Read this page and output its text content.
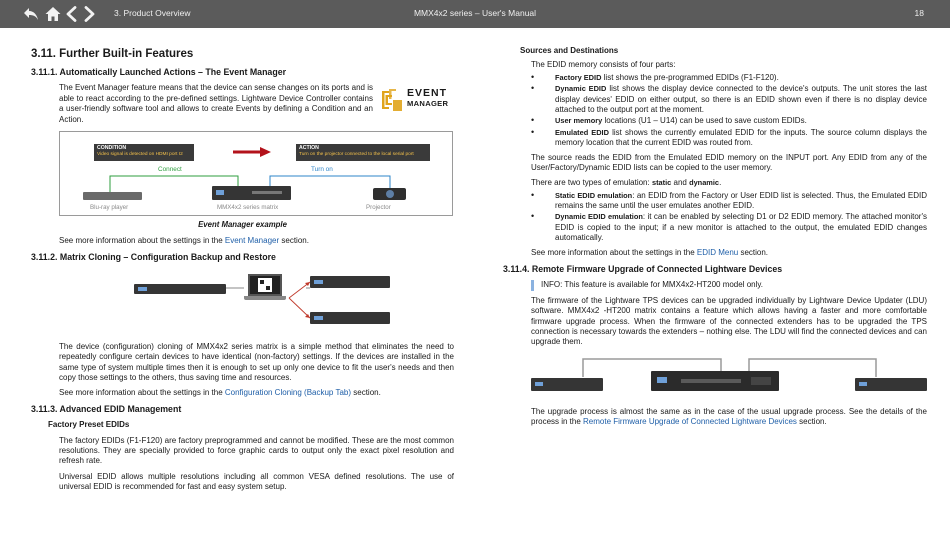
3. Product Overview	MMX4x2 series – User's Manual	18
3.11. Further Built-in Features
3.11.1. Automatically Launched Actions – The Event Manager

The Event Manager feature means that the device can sense changes on its ports and is able to react according to the pre-defined settings. Lightware Device Controller contains a user-friendly software tool and allows to create Events by defining a Condition and an Action.

EVENT
MANAGER
CONDITION
Video signal is detected on HDMI port I2
ACTION
Turn on the projector connected to the local serial port
Connect	Turn on
Blu-ray player	MMX4x2 series matrix	Projector
Event Manager example

See more information about the settings in the Event Manager section.

3.11.2. Matrix Cloning – Configuration Backup and Restore

The device (configuration) cloning of MMX4x2 series matrix is a simple method that eliminates the need to repeatedly configure certain devices to have identical (non-factory) settings. If the devices are installed in the same type of system multiple times then it is enough to set up only one device to fit the user's needs and then copy those settings to the others, thus saving time and resources.

See more information about the settings in the Configuration Cloning (Backup Tab) section.

3.11.3. Advanced EDID Management
Factory Preset EDIDs

The factory EDIDs (F1-F120) are factory preprogrammed and cannot be modified. These are the most common resolutions. They are specially provided to force graphic cards to output only the exact pixel resolution and refresh rate.

Universal EDID allows multiple resolutions including all common VESA defined resolutions. The use of universal EDID is recommended for fast and easy system setup.

Sources and Destinations

The EDID memory consists of four parts:

• Factory EDID list shows the pre-programmed EDIDs (F1-F120).
• Dynamic EDID list shows the display device connected to the device's outputs. The unit stores the last display devices' EDID on either output, so there is an EDID shown even if there is no display device attached to the output port at the moment.
• User memory locations (U1 – U14) can be used to save custom EDIDs.
• Emulated EDID list shows the currently emulated EDID for the inputs. The source column displays the memory location that the current EDID was routed from.

The source reads the EDID from the Emulated EDID memory on the INPUT port. Any EDID from any of the User/Factory/Dynamic EDID lists can be copied to the user memory.

There are two types of emulation: static and dynamic.

• Static EDID emulation: an EDID from the Factory or User EDID list is selected. Thus, the Emulated EDID remains the same until the user emulates another EDID.
• Dynamic EDID emulation: it can be enabled by selecting D1 or D2 EDID memory. The attached monitor's EDID is copied to the input; if a new monitor is attached to the output, the emulated EDID changes automatically.

See more information about the settings in the EDID Menu section.

3.11.4. Remote Firmware Upgrade of Connected Lightware Devices
INFO: This feature is available for MMX4x2-HT200 model only.

The firmware of the Lightware TPS devices can be upgraded individually by Lightware Device Updater (LDU) software. MMX4x2 -HT200 matrix contains a feature which allows having a faster and more comfortable firmware upgrade process. When the firmware of the connected extenders has to be upgraded the TPS connection is necessary towards the extenders – nothing else. The LDU will find the connected devices and can upgrade them.

The upgrade process is almost the same as in the case of the usual upgrade process. See the details of the process in the Remote Firmware Upgrade of Connected Lightware Devices section.
